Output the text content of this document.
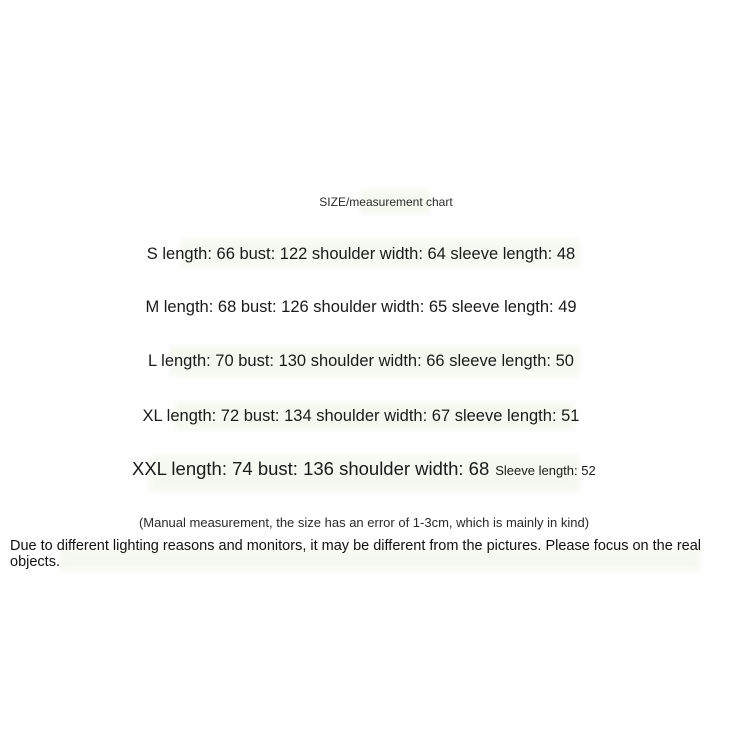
SIZE/measurement chart
S length: 66 bust: 122 shoulder width: 64 sleeve length: 48
M length: 68 bust: 126 shoulder width: 65 sleeve length: 49
L length: 70 bust: 130 shoulder width: 66 sleeve length: 50
XL length: 72 bust: 134 shoulder width: 67 sleeve length: 51
XXL length: 74 bust: 136 shoulder width: 68 Sleeve length: 52
(Manual measurement, the size has an error of 1-3cm, which is mainly in kind)
Due to different lighting reasons and monitors, it may be different from the pictures. Please focus on the real objects.
